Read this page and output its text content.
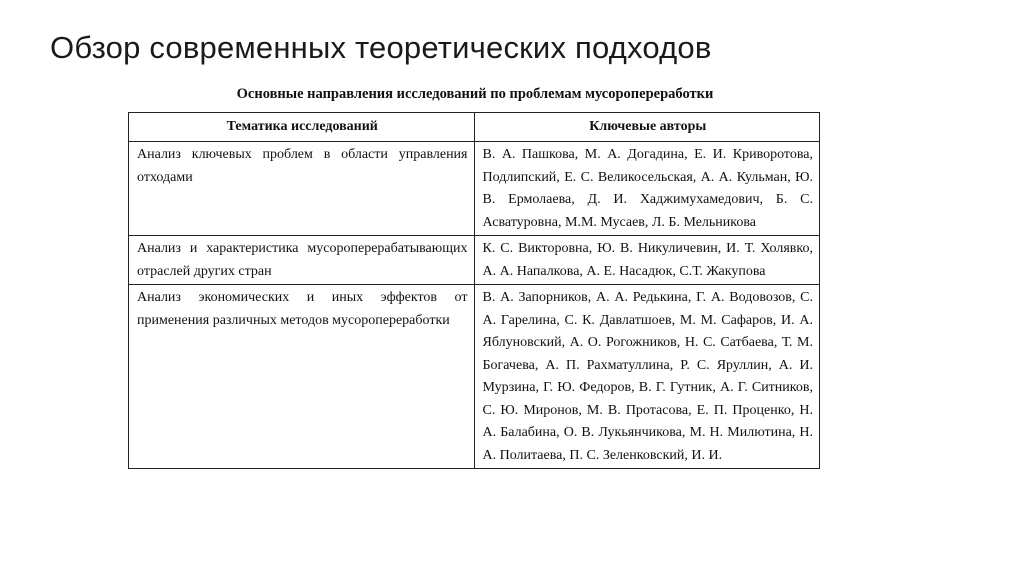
Обзор современных теоретических подходов
Основные направления исследований по проблемам мусоропереработки
Тематика исследований	Ключевые авторы
Анализ ключевых проблем в области управления отходами	В. А. Пашкова, М. А. Догадина, Е. И. Криворотова, Подлипский, Е. С. Великосельская, А. А. Кульман, Ю. В. Ермолаева, Д. И. Хаджимухамедович, Б. С. Асватуровна, М.М. Мусаев, Л. Б. Мельникова
Анализ и характеристика мусороперерабатывающих отраслей других стран	К. С. Викторовна, Ю. В. Никуличевин, И. Т. Холявко, А. А. Напалкова, А. Е. Насадюк, С.Т. Жакупова
Анализ экономических и иных эффектов от применения различных методов мусоропереработки	В. А. Запорников, А. А. Редькина, Г. А. Водовозов, С. А. Гарелина, С. К. Давлатшоев, М. М. Сафаров, И. А. Яблуновский, А. О. Рогожников, Н. С. Сатбаева, Т. М. Богачева, А. П. Рахматуллина, Р. С. Яруллин, А. И. Мурзина, Г. Ю. Федоров, В. Г. Гутник, А. Г. Ситников, С. Ю. Миронов, М. В. Протасова, Е. П. Проценко, Н. А. Балабина, О. В. Лукьянчикова, М. Н. Милютина, Н. А. Политаева, П. С. Зеленковский, И. И.
